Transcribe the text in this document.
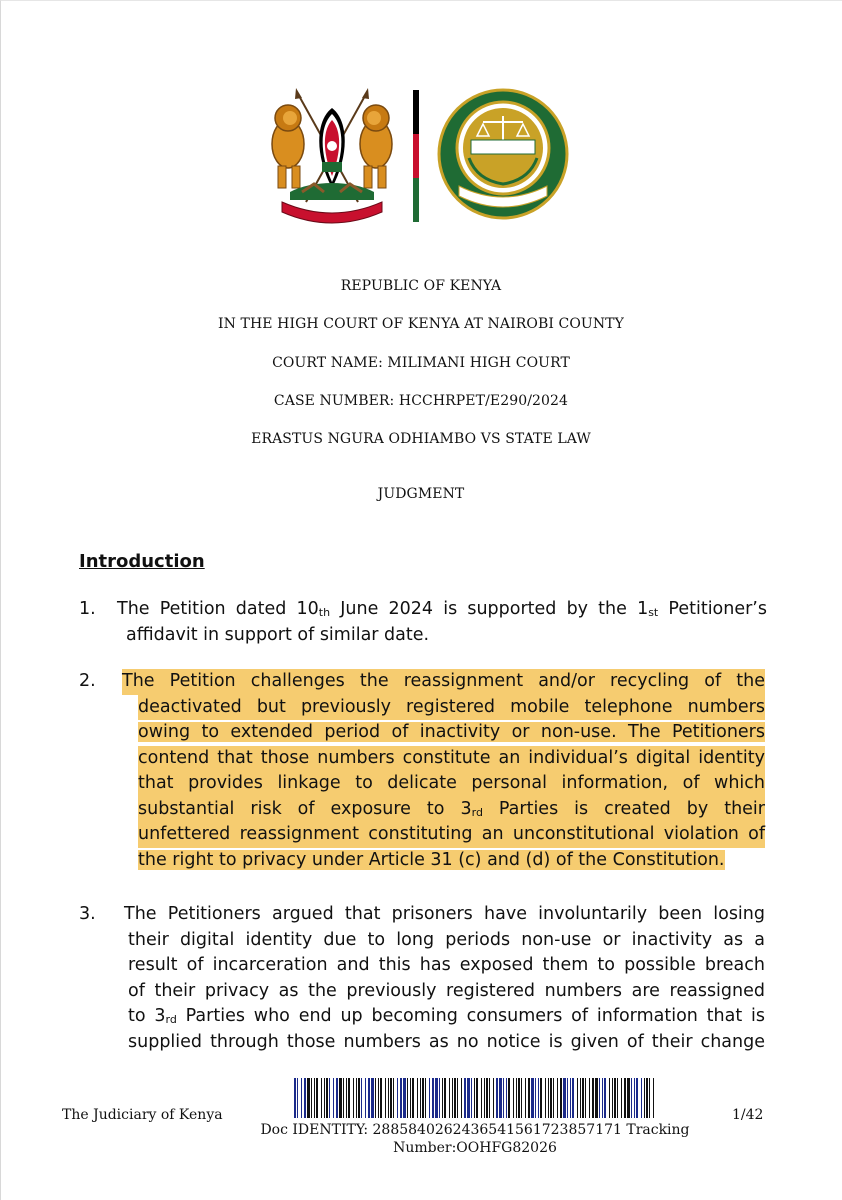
REPUBLIC OF KENYA
IN THE HIGH COURT OF KENYA AT NAIROBI COUNTY
COURT NAME: MILIMANI HIGH COURT
CASE NUMBER: HCCHRPET/E290/2024
ERASTUS NGURA ODHIAMBO VS STATE LAW
JUDGMENT
Introduction
1. The Petition dated $10_{th}$ June 2024 is supported by the $1_{st}$ Petitioner’s
affidavit in support of similar date.
2. The Petition challenges the reassignment and/or recycling of the
deactivated but previously registered mobile telephone numbers
owing to extended period of inactivity or non-use. The Petitioners
contend that those numbers constitute an individual’s digital identity
that provides linkage to delicate personal information, of which
substantial risk of exposure to $3_{rd}$ Parties is created by their
unfettered reassignment constituting an unconstitutional violation of
the right to privacy under Article 31 (c) and (d) of the Constitution.
3. The Petitioners argued that prisoners have involuntarily been losing
their digital identity due to long periods non-use or inactivity as a
result of incarceration and this has exposed them to possible breach
of their privacy as the previously registered numbers are reassigned
to $3_{rd}$ Parties who end up becoming consumers of information that is
supplied through those numbers as no notice is given of their change
The Judiciary of Kenya	1/42
Doc IDENTITY: 288584026243654156172385717​1 Tracking
Number:OOHFG82026
